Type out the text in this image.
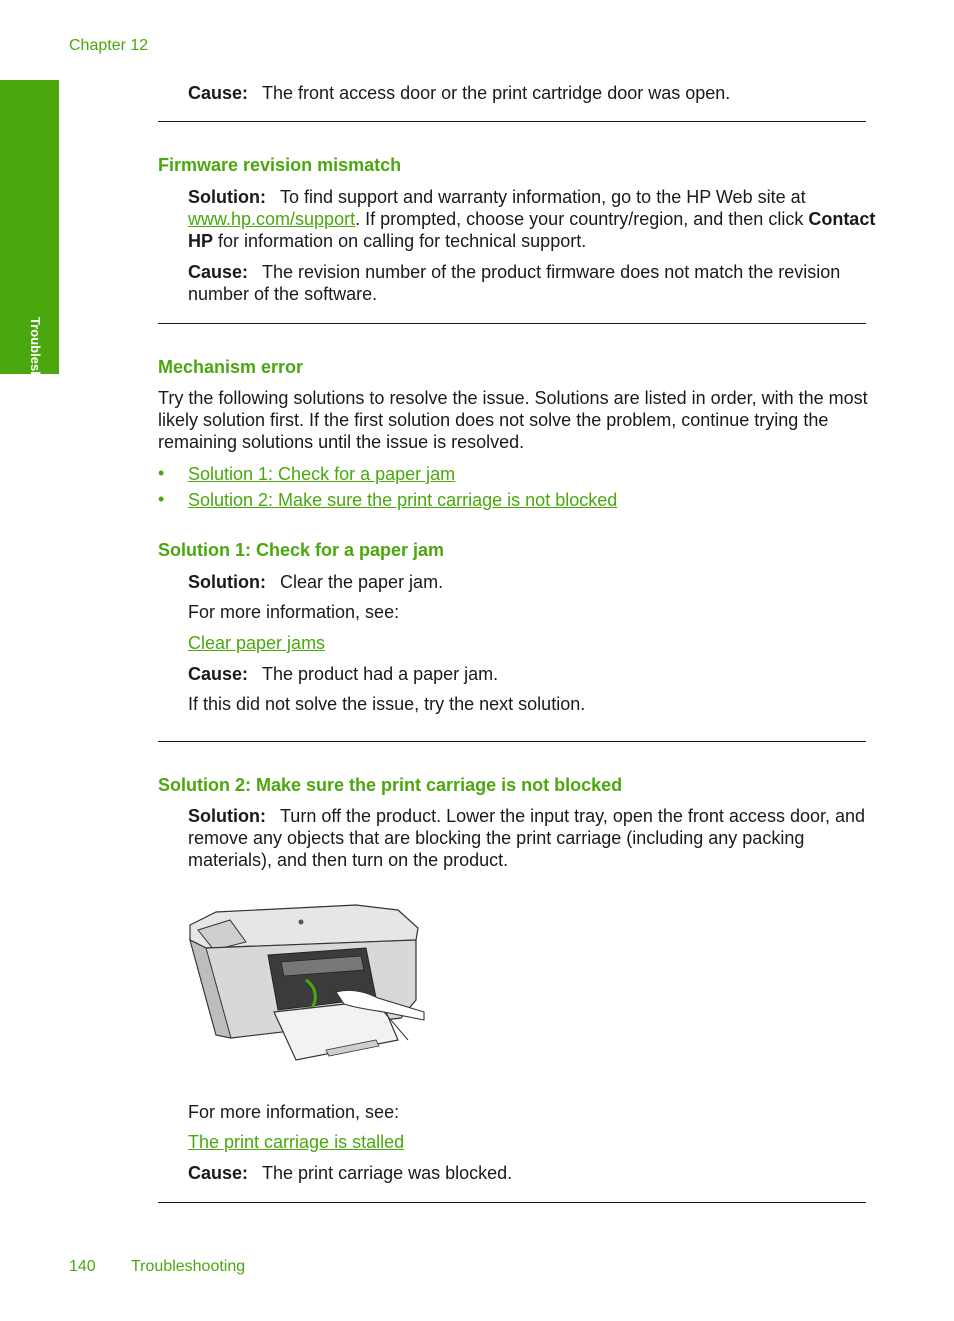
Chapter 12
Troubleshooting
Cause: The front access door or the print cartridge door was open.
Firmware revision mismatch
Solution: To find support and warranty information, go to the HP Web site at www.hp.com/support. If prompted, choose your country/region, and then click Contact HP for information on calling for technical support.
Cause: The revision number of the product firmware does not match the revision number of the software.
Mechanism error
Try the following solutions to resolve the issue. Solutions are listed in order, with the most likely solution first. If the first solution does not solve the problem, continue trying the remaining solutions until the issue is resolved.
• Solution 1: Check for a paper jam
• Solution 2: Make sure the print carriage is not blocked
Solution 1: Check for a paper jam
Solution: Clear the paper jam.
For more information, see:
Clear paper jams
Cause: The product had a paper jam.
If this did not solve the issue, try the next solution.
Solution 2: Make sure the print carriage is not blocked
Solution: Turn off the product. Lower the input tray, open the front access door, and remove any objects that are blocking the print carriage (including any packing materials), and then turn on the product.
For more information, see:
The print carriage is stalled
Cause: The print carriage was blocked.
140 Troubleshooting
